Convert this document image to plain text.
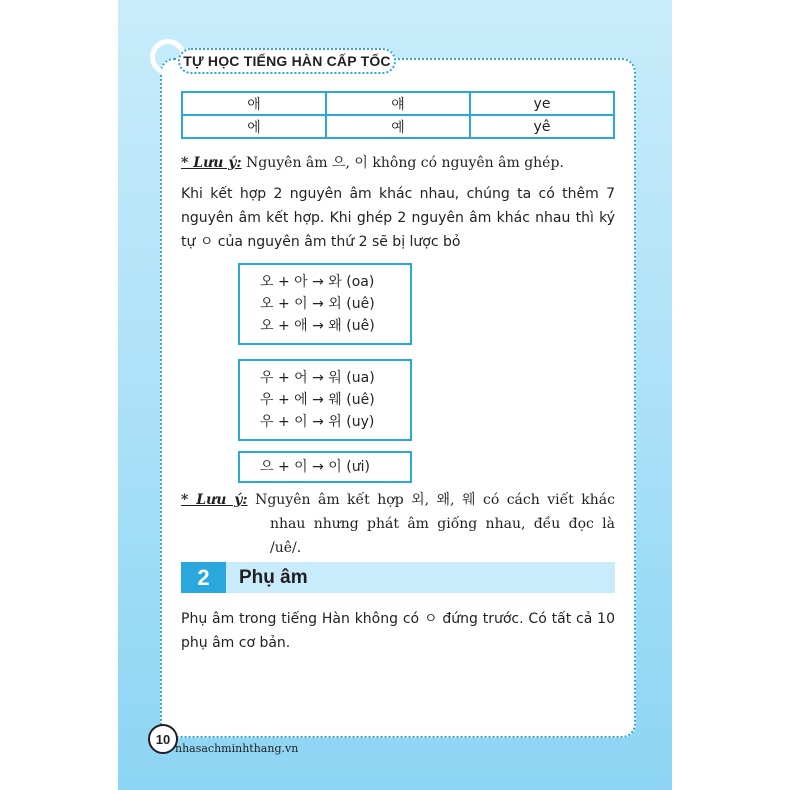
TỰ HỌC TIẾNG HÀN CẤP TỐC
애	얘	ye
에	예	yê
* Lưu ý: Nguyên âm 으, 이 không có nguyên âm ghép.
Khi kết hợp 2 nguyên âm khác nhau, chúng ta có thêm 7 nguyên âm kết hợp. Khi ghép 2 nguyên âm khác nhau thì ký tự ㅇ của nguyên âm thứ 2 sẽ bị lược bỏ
오 + 아 → 와 (oa)
오 + 이 → 외 (uê)
오 + 애 → 왜 (uê)
우 + 어 → 워 (ua)
우 + 에 → 웨 (uê)
우 + 이 → 위 (uy)
으 + 이 → 이 (ưi)
* Lưu ý: Nguyên âm kết hợp 외, 왜, 웨 có cách viết khác nhau nhưng phát âm giống nhau, đều đọc là /uê/.
2	Phụ âm
Phụ âm trong tiếng Hàn không có ㅇ đứng trước. Có tất cả 10 phụ âm cơ bản.
10
nhasachminhthang.vn
